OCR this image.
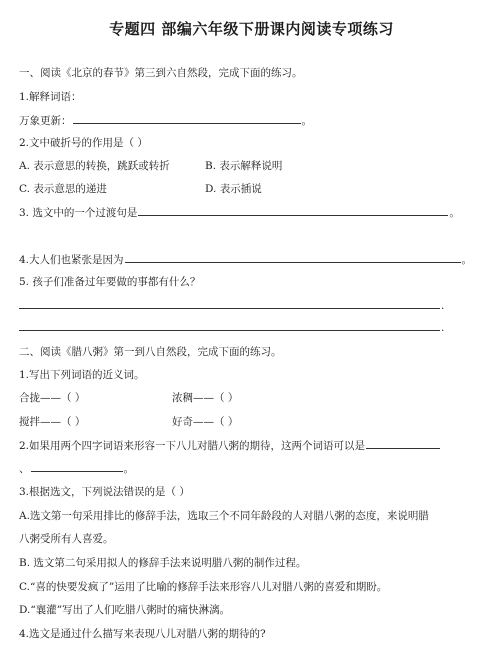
专题四 部编六年级下册课内阅读专项练习
一、阅读《北京的春节》第三到六自然段，完成下面的练习。
1.解释词语：
万象更新：	。
2.文中破折号的作用是（ ）
A. 表示意思的转换，跳跃或转折	B. 表示解释说明
C. 表示意思的递进	D. 表示插说
3. 选文中的一个过渡句是	。
4.大人们也紧张是因为	。
5. 孩子们准备过年要做的事都有什么？
.
.
二、阅读《腊八粥》第一到八自然段，完成下面的练习。
1.写出下列词语的近义词。
合拢——（ ）	浓稠——（ ）
搅拌——（ ）	好奇——（ ）
2.如果用两个四字词语来形容一下八儿对腊八粥的期待，这两个词语可以是
、	。
3.根据选文，下列说法错误的是（ ）
A.选文第一句采用排比的修辞手法，选取三个不同年龄段的人对腊八粥的态度，来说明腊
八粥受所有人喜爱。
B. 选文第二句采用拟人的修辞手法来说明腊八粥的制作过程。
C.“喜的快要发疯了”运用了比喻的修辞手法来形容八儿对腊八粥的喜爱和期盼。
D.“襄灌”写出了人们吃腊八粥时的痛快淋漓。
4.选文是通过什么描写来表现八儿对腊八粥的期待的?
